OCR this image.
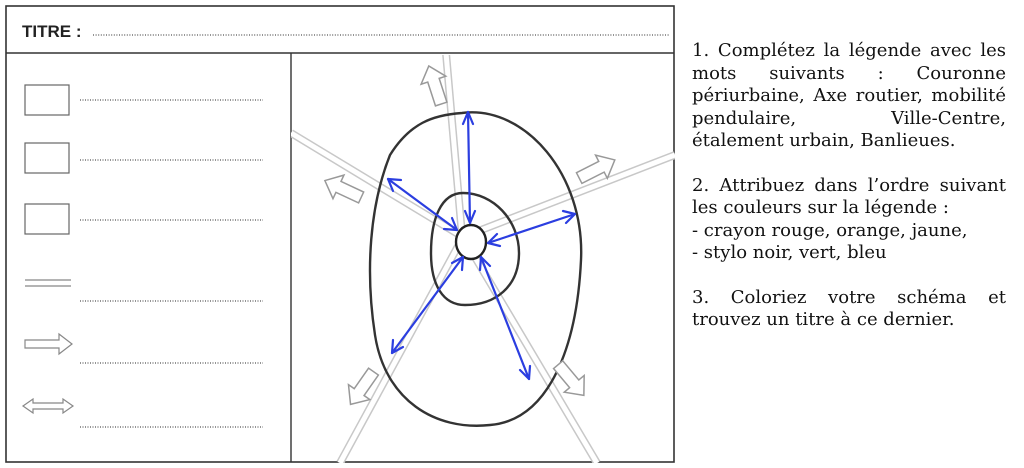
TITRE :

1. Complétez la légende avec les mots suivants : Couronne périurbaine, Axe routier, mobilité pendulaire, Ville-Centre, étalement urbain, Banlieues.

2. Attribuez dans l’ordre suivant les couleurs sur la légende :
- crayon rouge, orange, jaune,
- stylo noir, vert, bleu

3. Coloriez votre schéma et trouvez un titre à ce dernier.
